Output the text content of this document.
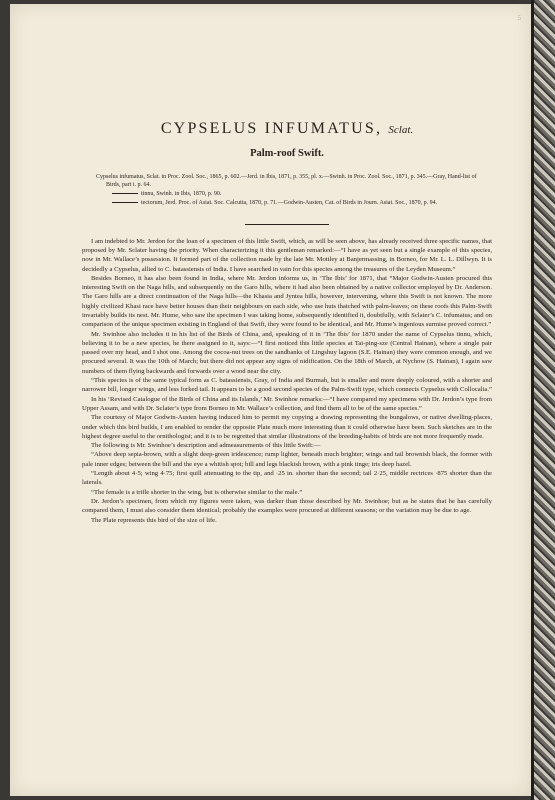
5
CYPSELUS INFUMATUS, Sclat.
Palm-roof Swift.

Cypselus infumatus, Sclat. in Proc. Zool. Soc., 1865, p. 602.—Jerd. in Ibis, 1871, p. 355, pl. x.—Swinh. in Proc. Zool. Soc., 1871, p. 345.—Gray, Hand-list of Birds, part i. p. 64.

tinnu, Swinh. in Ibis, 1870, p. 90.

tectorum, Jerd. Proc. of Asiat. Soc. Calcutta, 1870, p. 71.—Godwin-Austen, Cat. of Birds in Journ. Asiat. Soc., 1870, p. 94.

I am indebted to Mr. Jerdon for the loan of a specimen of this little Swift, which, as will be seen above, has already received three specific names, that proposed by Mr. Sclater having the priority. When characterizing it this gentleman remarked:—“I have as yet seen but a single example of this species, now in Mr. Wallace’s possession. It formed part of the collection made by the late Mr. Mottley at Banjermassing, in Borneo, for Mr. L. L. Dillwyn. It is decidedly a Cypselus, allied to C. batassiensis of India. I have searched in vain for this species among the treasures of the Leyden Museum.”

Besides Borneo, it has also been found in India, where Mr. Jerdon informs us, in ‘The Ibis’ for 1871, that “Major Godwin-Austen procured this interesting Swift on the Naga hills, and subsequently on the Garo hills, where it had also been obtained by a native collector employed by Dr. Anderson. The Garo hills are a direct continuation of the Naga hills—the Khasia and Jyntea hills, however, intervening, where this Swift is not known. The more highly civilized Khasi race have better houses than their neighbours on each side, who use huts thatched with palm-leaves; on these roofs this Palm-Swift invariably builds its nest. Mr. Hume, who saw the specimen I was taking home, subsequently identified it, doubtfully, with Sclater’s C. infumatus; and on comparison of the unique specimen existing in England of that Swift, they were found to be identical, and Mr. Hume’s ingenious surmise proved correct.”

Mr. Swinhoe also includes it in his list of the Birds of China, and, speaking of it in ‘The Ibis’ for 1870 under the name of Cypselus tinnu, which, believing it to be a new species, he there assigned to it, says:—“I first noticed this little species at Tai-ping-sze (Central Hainan), where a single pair passed over my head, and I shot one. Among the cocoa-nut trees on the sandbanks of Lingshuy lagoon (S.E. Hainan) they were common enough, and we procured several. It was the 10th of March; but there did not appear any signs of nidification. On the 18th of March, at Nychow (S. Hainan), I again saw numbers of them flying backwards and forwards over a wood near the city.

“This species is of the same typical form as C. batassiensis, Gray, of India and Burmah, but is smaller and more deeply coloured, with a shorter and narrower bill, longer wings, and less forked tail. It appears to be a good second species of the Palm-Swift type, which connects Cypselus with Collocalia.”

In his ‘Revised Catalogue of the Birds of China and its Islands,’ Mr. Swinhoe remarks:—“I have compared my specimens with Dr. Jerdon’s type from Upper Assam, and with Dr. Sclater’s type from Borneo in Mr. Wallace’s collection, and find them all to be of the same species.”

The courtesy of Major Godwin-Austen having induced him to permit my copying a drawing representing the bungalows, or native dwelling-places, under which this bird builds, I am enabled to render the opposite Plate much more interesting than it could otherwise have been. Such sketches are in the highest degree useful to the ornithologist; and it is to be regretted that similar illustrations of the breeding-habits of birds are not more frequently made.

The following is Mr. Swinhoe’s description and admeasurements of this little Swift:—

“Above deep sepia-brown, with a slight deep-green iridescence; rump lighter, beneath much brighter; wings and tail brownish black, the former with pale inner edges; between the bill and the eye a whitish spot; bill and legs blackish brown, with a pink tinge; iris deep hazel.

“Length about 4·5; wing 4·75; first quill attenuating to the tip, and ·25 in. shorter than the second; tail 2·25, middle rectrices ·875 shorter than the laterals.

“The female is a trifle shorter in the wing, but is otherwise similar to the male.”

Dr. Jerdon’s specimen, from which my figures were taken, was darker than those described by Mr. Swinhoe; but as he states that he has carefully compared them, I must also consider them identical; probably the examples were procured at different seasons; or the variation may be due to age.

The Plate represents this bird of the size of life.
